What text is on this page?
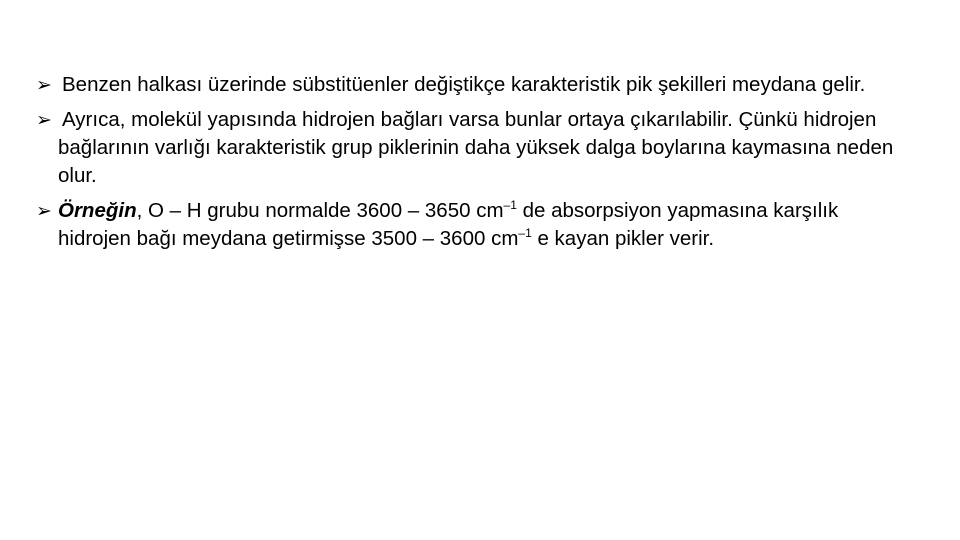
➢ Benzen halkası üzerinde sübstitüenler değiştikçe karakteristik pik şekilleri meydana gelir.
➢ Ayrıca, molekül yapısında hidrojen bağları varsa bunlar ortaya çıkarılabilir. Çünkü hidrojen bağlarının varlığı karakteristik grup piklerinin daha yüksek dalga boylarına kaymasına neden olur.
➢ Örneğin, O – H grubu normalde 3600 – 3650 $cm^{-1}$ de absorpsiyon yapmasına karşılık hidrojen bağı meydana getirmişse 3500 – 3600 $cm^{-1}$ e kayan pikler verir.
